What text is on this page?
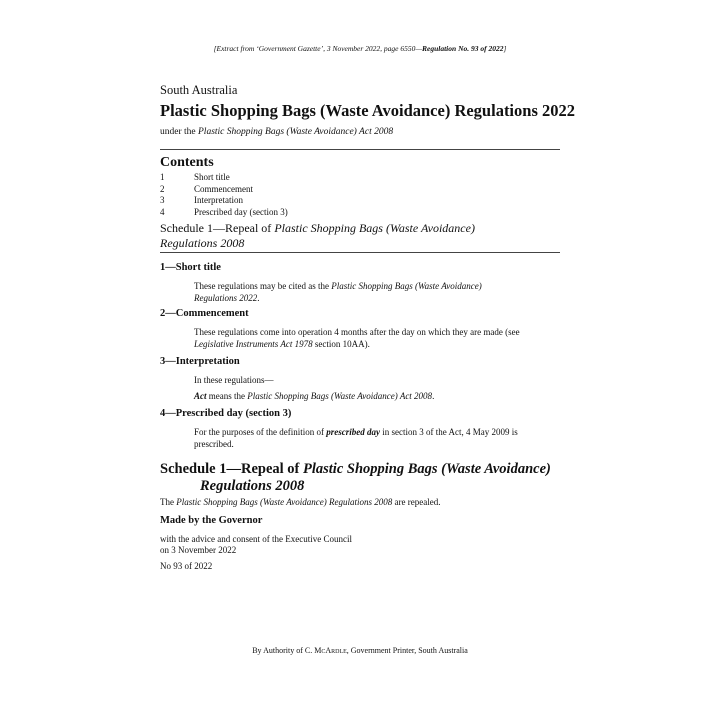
[Extract from ‘Government Gazette’, 3 November 2022, page 6550—Regulation No. 93 of 2022]
South Australia
Plastic Shopping Bags (Waste Avoidance) Regulations 2022
under the Plastic Shopping Bags (Waste Avoidance) Act 2008
Contents
1	Short title
2	Commencement
3	Interpretation
4	Prescribed day (section 3)
Schedule 1—Repeal of Plastic Shopping Bags (Waste Avoidance)
Regulations 2008
1—Short title
These regulations may be cited as the Plastic Shopping Bags (Waste Avoidance)
Regulations 2022.
2—Commencement
These regulations come into operation 4 months after the day on which they are made (see
Legislative Instruments Act 1978 section 10AA).
3—Interpretation
In these regulations—
Act means the Plastic Shopping Bags (Waste Avoidance) Act 2008.
4—Prescribed day (section 3)
For the purposes of the definition of prescribed day in section 3 of the Act, 4 May 2009 is
prescribed.
Schedule 1—Repeal of Plastic Shopping Bags (Waste Avoidance)
Regulations 2008
The Plastic Shopping Bags (Waste Avoidance) Regulations 2008 are repealed.
Made by the Governor
with the advice and consent of the Executive Council
on 3 November 2022
No 93 of 2022
By Authority of C. McArdle, Government Printer, South Australia
